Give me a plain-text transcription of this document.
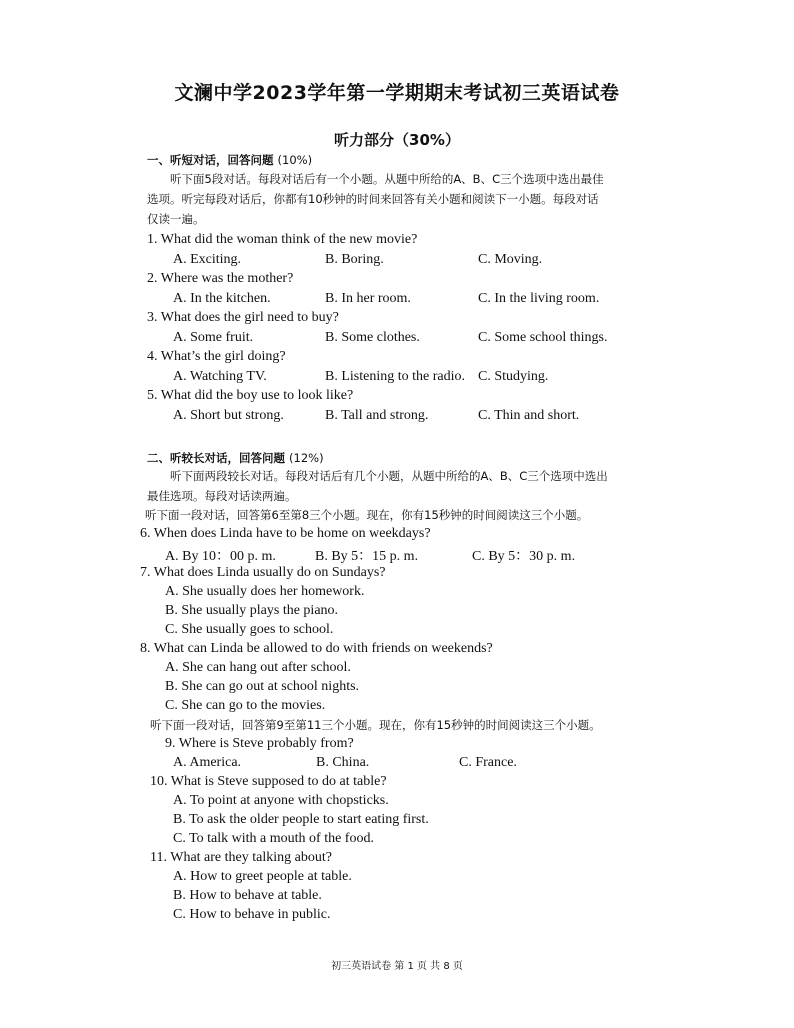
文澜中学2023学年第一学期期末考试初三英语试卷
听力部分（30%）
一、听短对话，回答问题 (10%)
听下面5段对话。每段对话后有一个小题。从题中所给的A、B、C三个选项中选出最佳
选项。听完每段对话后，你都有10秒钟的时间来回答有关小题和阅读下一小题。每段对话
仅读一遍。
1. What did the woman think of the new movie?
A. Exciting.	B. Boring.	C. Moving.
2. Where was the mother?
A. In the kitchen.	B. In her room.	C. In the living room.
3. What does the girl need to buy?
A. Some fruit.	B. Some clothes.	C. Some school things.
4. What’s the girl doing?
A. Watching TV.	B. Listening to the radio. C. Studying.
5. What did the boy use to look like?
A. Short but strong.	B. Tall and strong.	C. Thin and short.
二、听较长对话，回答问题 (12%)
听下面两段较长对话。每段对话后有几个小题，从题中所给的A、B、C三个选项中选出
最佳选项。每段对话读两遍。
听下面一段对话，回答第6至第8三个小题。现在，你有15秒钟的时间阅读这三个小题。
6. When does Linda have to be home on weekdays?
A. By 10：00 p. m.	B. By 5：15 p. m.	C. By 5：30 p. m.
7. What does Linda usually do on Sundays?
A. She usually does her homework.
B. She usually plays the piano.
C. She usually goes to school.
8. What can Linda be allowed to do with friends on weekends?
A. She can hang out after school.
B. She can go out at school nights.
C. She can go to the movies.
听下面一段对话，回答第9至第11三个小题。现在，你有15秒钟的时间阅读这三个小题。
9. Where is Steve probably from?
A. America.	B. China.	C. France.
10. What is Steve supposed to do at table?
A. To point at anyone with chopsticks.
B. To ask the older people to start eating first.
C. To talk with a mouth of the food.
11. What are they talking about?
A. How to greet people at table.
B. How to behave at table.
C. How to behave in public.
初三英语试卷 第 1 页 共 8 页
